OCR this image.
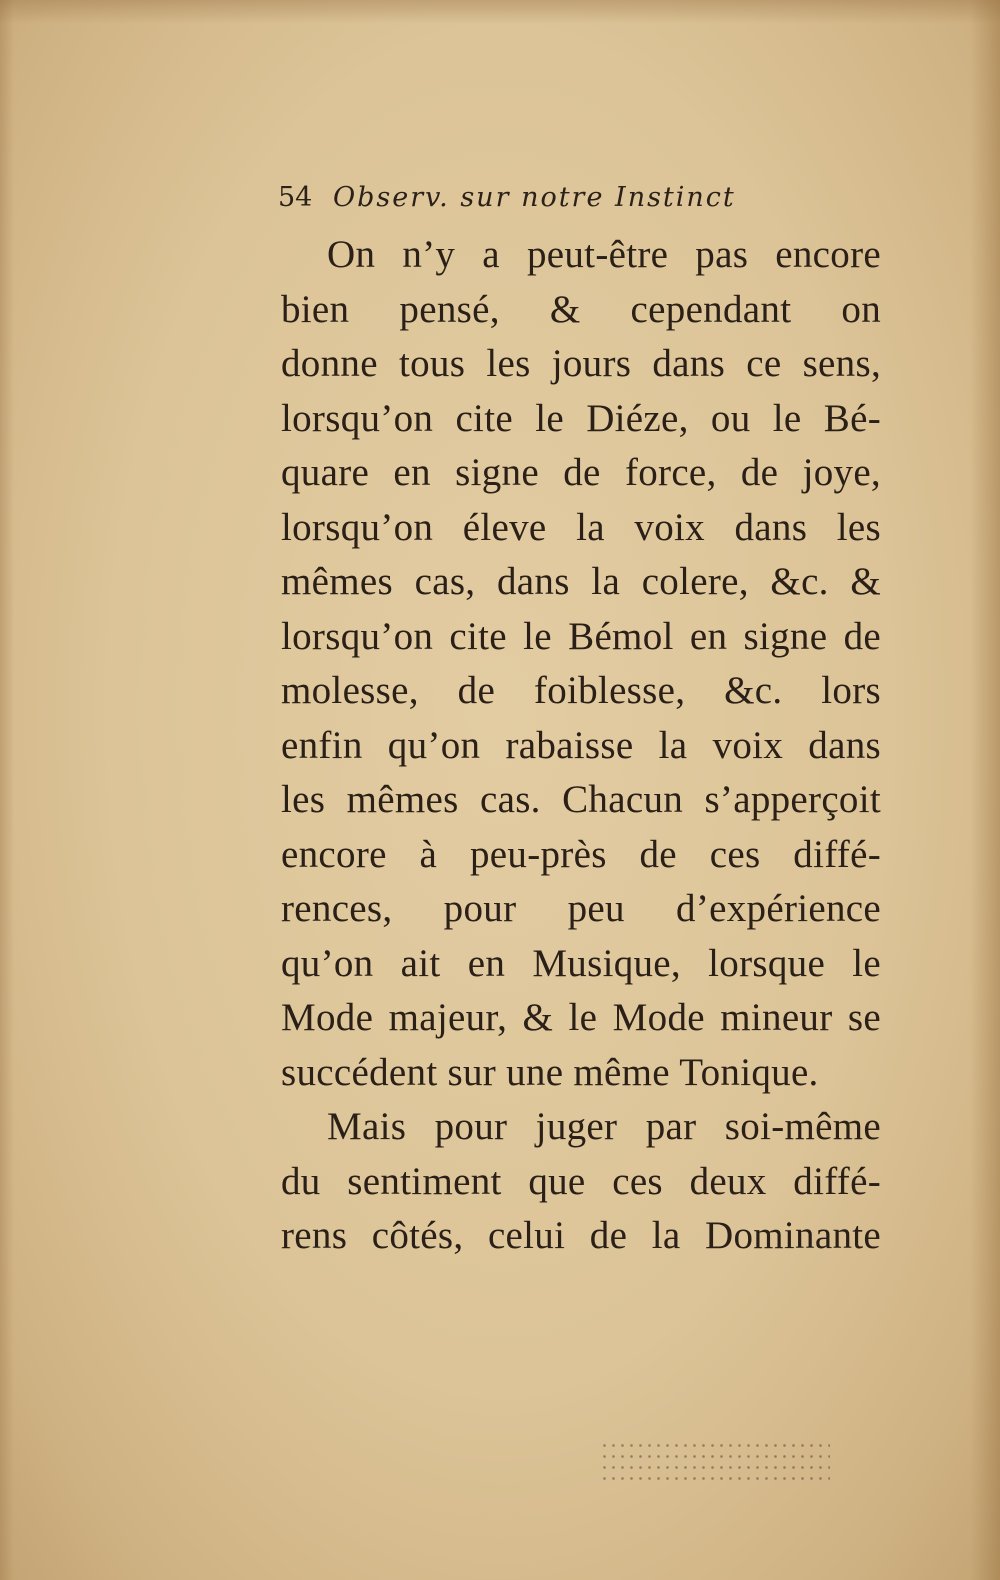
54 Observ. sur notre Instinct
On n’y a peut-être pas encore
bien pensé, & cependant on
donne tous les jours dans ce sens,
lorsqu’on cite le Diéze, ou le Bé-
quare en signe de force, de joye,
lorsqu’on éleve la voix dans les
mêmes cas, dans la colere, &c. &
lorsqu’on cite le Bémol en signe de
molesse, de foiblesse, &c. lors
enfin qu’on rabaisse la voix dans
les mêmes cas. Chacun s’apperçoit
encore à peu-près de ces diffé-
rences, pour peu d’expérience
qu’on ait en Musique, lorsque le
Mode majeur, & le Mode mineur se
succédent sur une même Tonique.
Mais pour juger par soi-même
du sentiment que ces deux diffé-
rens côtés, celui de la Dominante
